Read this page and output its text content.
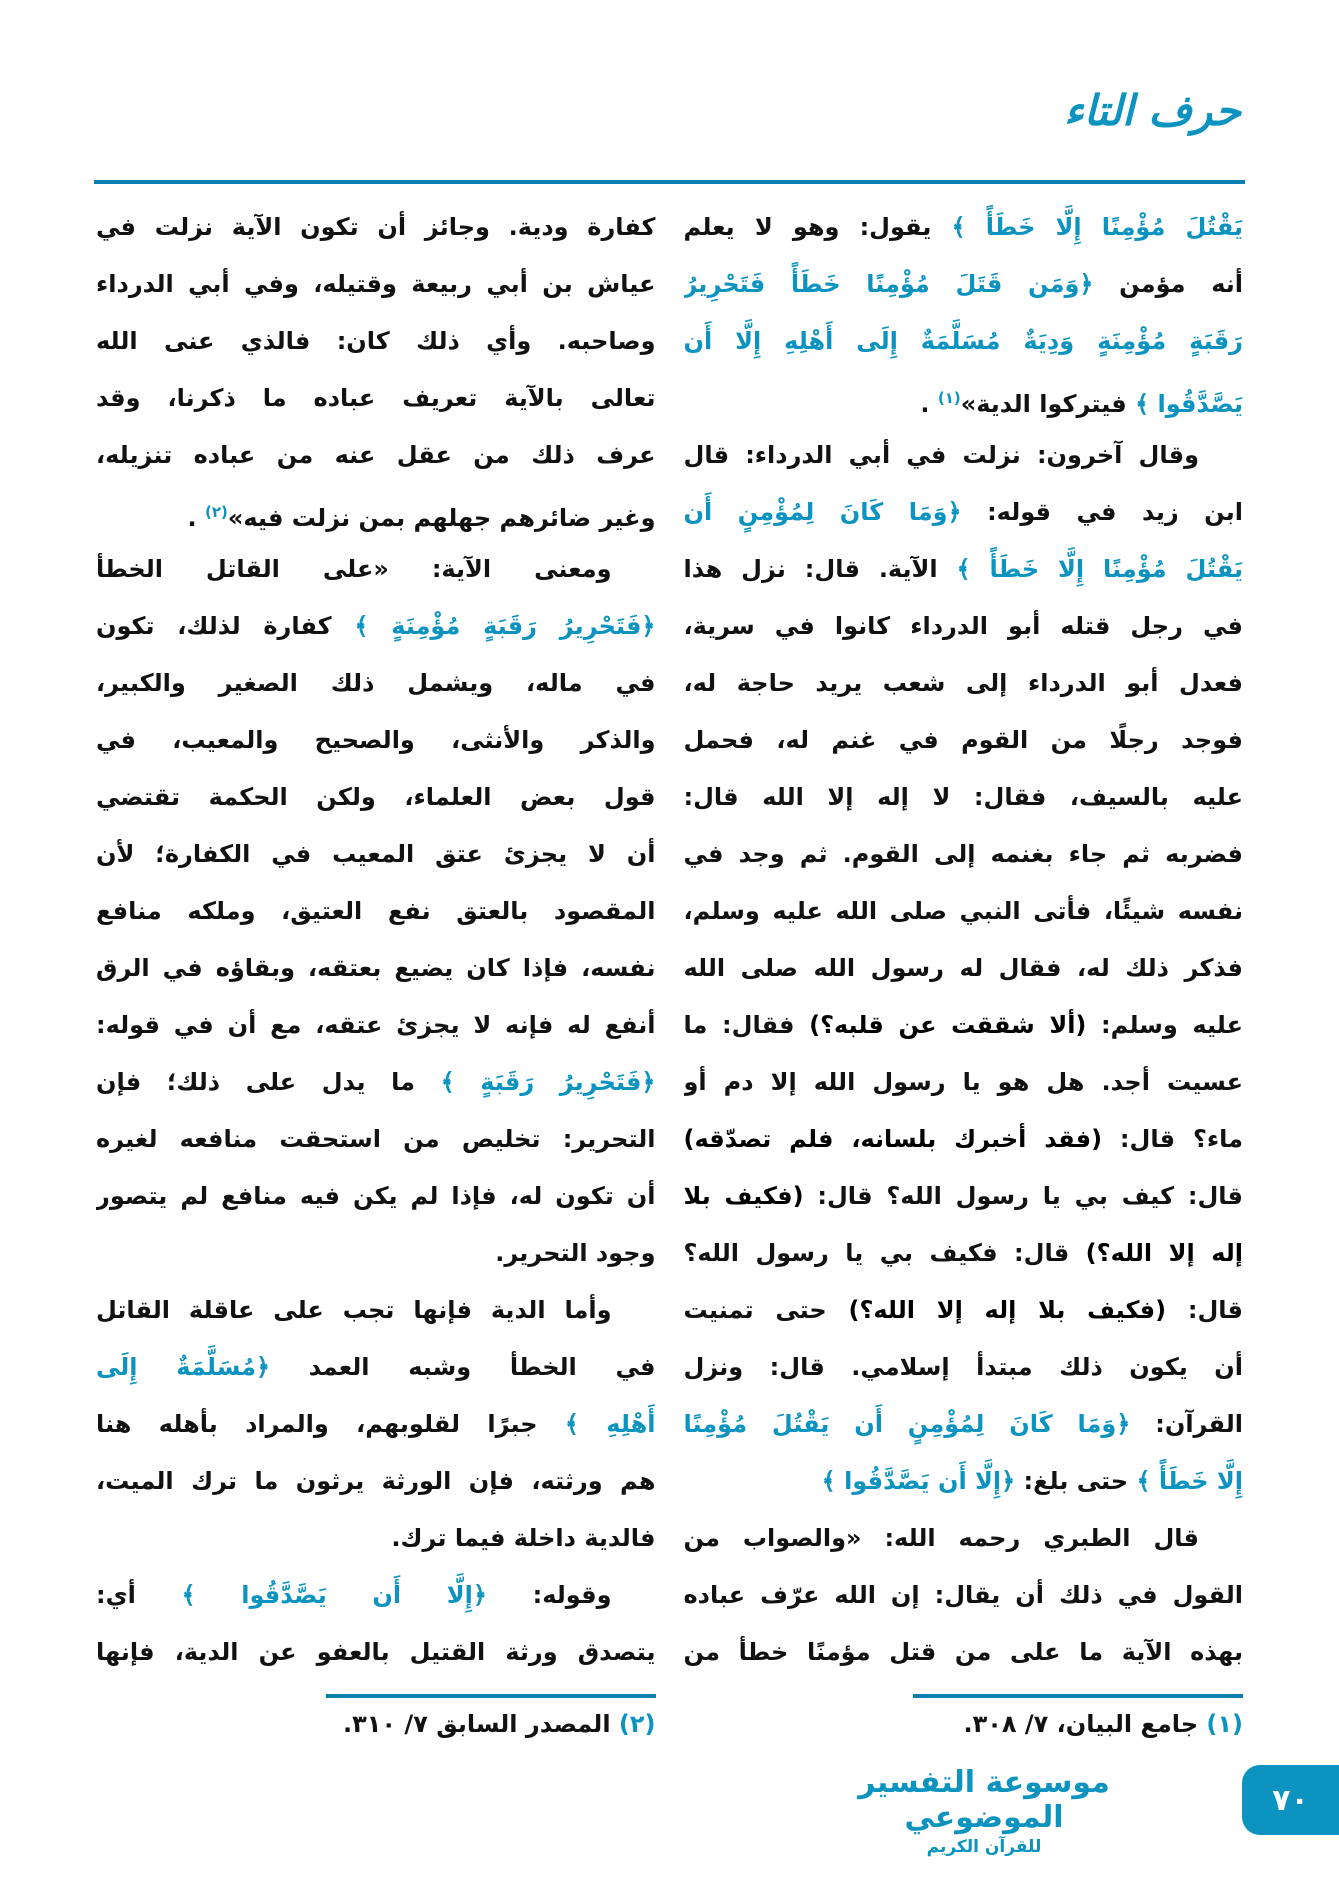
حرف التاء
يَقْتُلَ مُؤْمِنًا إِلَّا خَطَأً ﴾ يقول: وهو لا يعلم
أنه مؤمن ﴿وَمَن قَتَلَ مُؤْمِنًا خَطَأً فَتَحْرِيرُ
رَقَبَةٍ مُؤْمِنَةٍ وَدِيَةٌ مُسَلَّمَةٌ إِلَى أَهْلِهِ إِلَّا أَن
يَصَّدَّقُوا ﴾ فيتركوا الدية»$^{(١)}$ .
وقال آخرون: نزلت في أبي الدرداء: قال
ابن زيد في قوله: ﴿وَمَا كَانَ لِمُؤْمِنٍ أَن
يَقْتُلَ مُؤْمِنًا إِلَّا خَطَأً ﴾ الآية. قال: نزل هذا
في رجل قتله أبو الدرداء كانوا في سرية،
فعدل أبو الدرداء إلى شعب يريد حاجة له،
فوجد رجلًا من القوم في غنم له، فحمل
عليه بالسيف، فقال: لا إله إلا الله قال:
فضربه ثم جاء بغنمه إلى القوم. ثم وجد في
نفسه شيئًا، فأتى النبي صلى الله عليه وسلم،
فذكر ذلك له، فقال له رسول الله صلى الله
عليه وسلم: (ألا شققت عن قلبه؟) فقال: ما
عسيت أجد. هل هو يا رسول الله إلا دم أو
ماء؟ قال: (فقد أخبرك بلسانه، فلم تصدّقه)
قال: كيف بي يا رسول الله؟ قال: (فكيف بلا
إله إلا الله؟) قال: فكيف بي يا رسول الله؟
قال: (فكيف بلا إله إلا الله؟) حتى تمنيت
أن يكون ذلك مبتدأ إسلامي. قال: ونزل
القرآن: ﴿وَمَا كَانَ لِمُؤْمِنٍ أَن يَقْتُلَ مُؤْمِنًا
إِلَّا خَطَأً ﴾ حتى بلغ: ﴿إِلَّا أَن يَصَّدَّقُوا ﴾
قال الطبري رحمه الله: «والصواب من
القول في ذلك أن يقال: إن الله عرّف عباده
بهذه الآية ما على من قتل مؤمنًا خطأ من
كفارة ودية. وجائز أن تكون الآية نزلت في
عياش بن أبي ربيعة وقتيله، وفي أبي الدرداء
وصاحبه. وأي ذلك كان: فالذي عنى الله
تعالى بالآية تعريف عباده ما ذكرنا، وقد
عرف ذلك من عقل عنه من عباده تنزيله،
وغير ضائرهم جهلهم بمن نزلت فيه»$^{(٢)}$ .
ومعنى الآية: «على القاتل الخطأ
﴿فَتَحْرِيرُ رَقَبَةٍ مُؤْمِنَةٍ ﴾ كفارة لذلك، تكون
في ماله، ويشمل ذلك الصغير والكبير،
والذكر والأنثى، والصحيح والمعيب، في
قول بعض العلماء، ولكن الحكمة تقتضي
أن لا يجزئ عتق المعيب في الكفارة؛ لأن
المقصود بالعتق نفع العتيق، وملكه منافع
نفسه، فإذا كان يضيع بعتقه، وبقاؤه في الرق
أنفع له فإنه لا يجزئ عتقه، مع أن في قوله:
﴿فَتَحْرِيرُ رَقَبَةٍ ﴾ ما يدل على ذلك؛ فإن
التحرير: تخليص من استحقت منافعه لغيره
أن تكون له، فإذا لم يكن فيه منافع لم يتصور
وجود التحرير.
وأما الدية فإنها تجب على عاقلة القاتل
في الخطأ وشبه العمد ﴿مُسَلَّمَةٌ إِلَى
أَهْلِهِ ﴾ جبرًا لقلوبهم، والمراد بأهله هنا
هم ورثته، فإن الورثة يرثون ما ترك الميت،
فالدية داخلة فيما ترك.
وقوله: ﴿إِلَّا أَن يَصَّدَّقُوا ﴾ أي:
يتصدق ورثة القتيل بالعفو عن الدية، فإنها
(١) جامع البيان، ٧/ ٣٠٨.
(٢) المصدر السابق ٧/ ٣١٠.
موسوعة التفسير الموضوعي
للقرآن الكريم
٧٠
